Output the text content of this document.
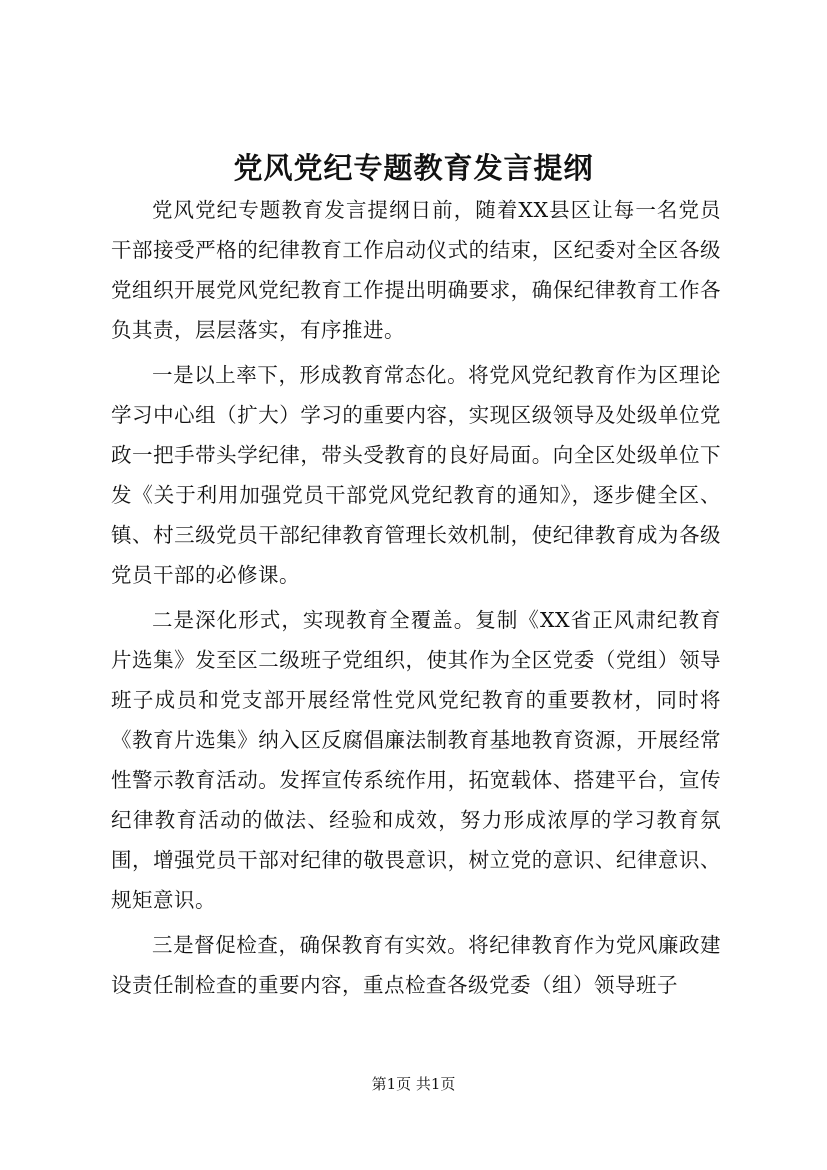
党风党纪专题教育发言提纲

党风党纪专题教育发言提纲日前，随着XX县区让每一名党员干部接受严格的纪律教育工作启动仪式的结束，区纪委对全区各级党组织开展党风党纪教育工作提出明确要求，确保纪律教育工作各负其责，层层落实，有序推进。

一是以上率下，形成教育常态化。将党风党纪教育作为区理论学习中心组（扩大）学习的重要内容，实现区级领导及处级单位党政一把手带头学纪律，带头受教育的良好局面。向全区处级单位下发《关于利用加强党员干部党风党纪教育的通知》，逐步健全区、镇、村三级党员干部纪律教育管理长效机制，使纪律教育成为各级党员干部的必修课。

二是深化形式，实现教育全覆盖。复制《XX省正风肃纪教育片选集》发至区二级班子党组织，使其作为全区党委（党组）领导班子成员和党支部开展经常性党风党纪教育的重要教材，同时将《教育片选集》纳入区反腐倡廉法制教育基地教育资源，开展经常性警示教育活动。发挥宣传系统作用，拓宽载体、搭建平台，宣传纪律教育活动的做法、经验和成效，努力形成浓厚的学习教育氛围，增强党员干部对纪律的敬畏意识，树立党的意识、纪律意识、规矩意识。

三是督促检查，确保教育有实效。将纪律教育作为党风廉政建设责任制检查的重要内容，重点检查各级党委（组）领导班子

第1页 共1页
